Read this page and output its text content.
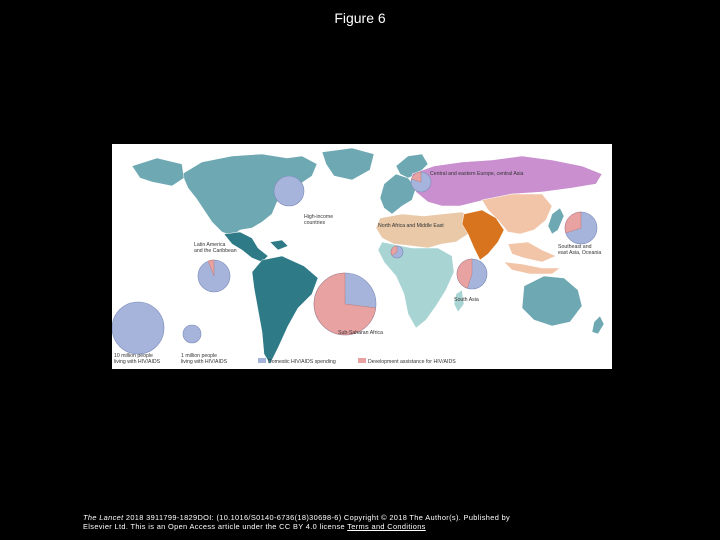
Figure 6
High-income countries
Latin America and the Caribbean
Central and eastern Europe, central Asia
North Africa and Middle East
Sub-Saharan Africa
South Asia
Southeast and east Asia, Oceania
10 million people living with HIV/AIDS
1 million people living with HIV/AIDS	Domestic HIV/AIDS spending	Development assistance for HIV/AIDS
The Lancet 2018 3911799-1829DOI: (10.1016/S0140-6736(18)30698-6) Copyright © 2018 The Author(s). Published by Elsevier Ltd. This is an Open Access article under the CC BY 4.0 license Terms and Conditions
